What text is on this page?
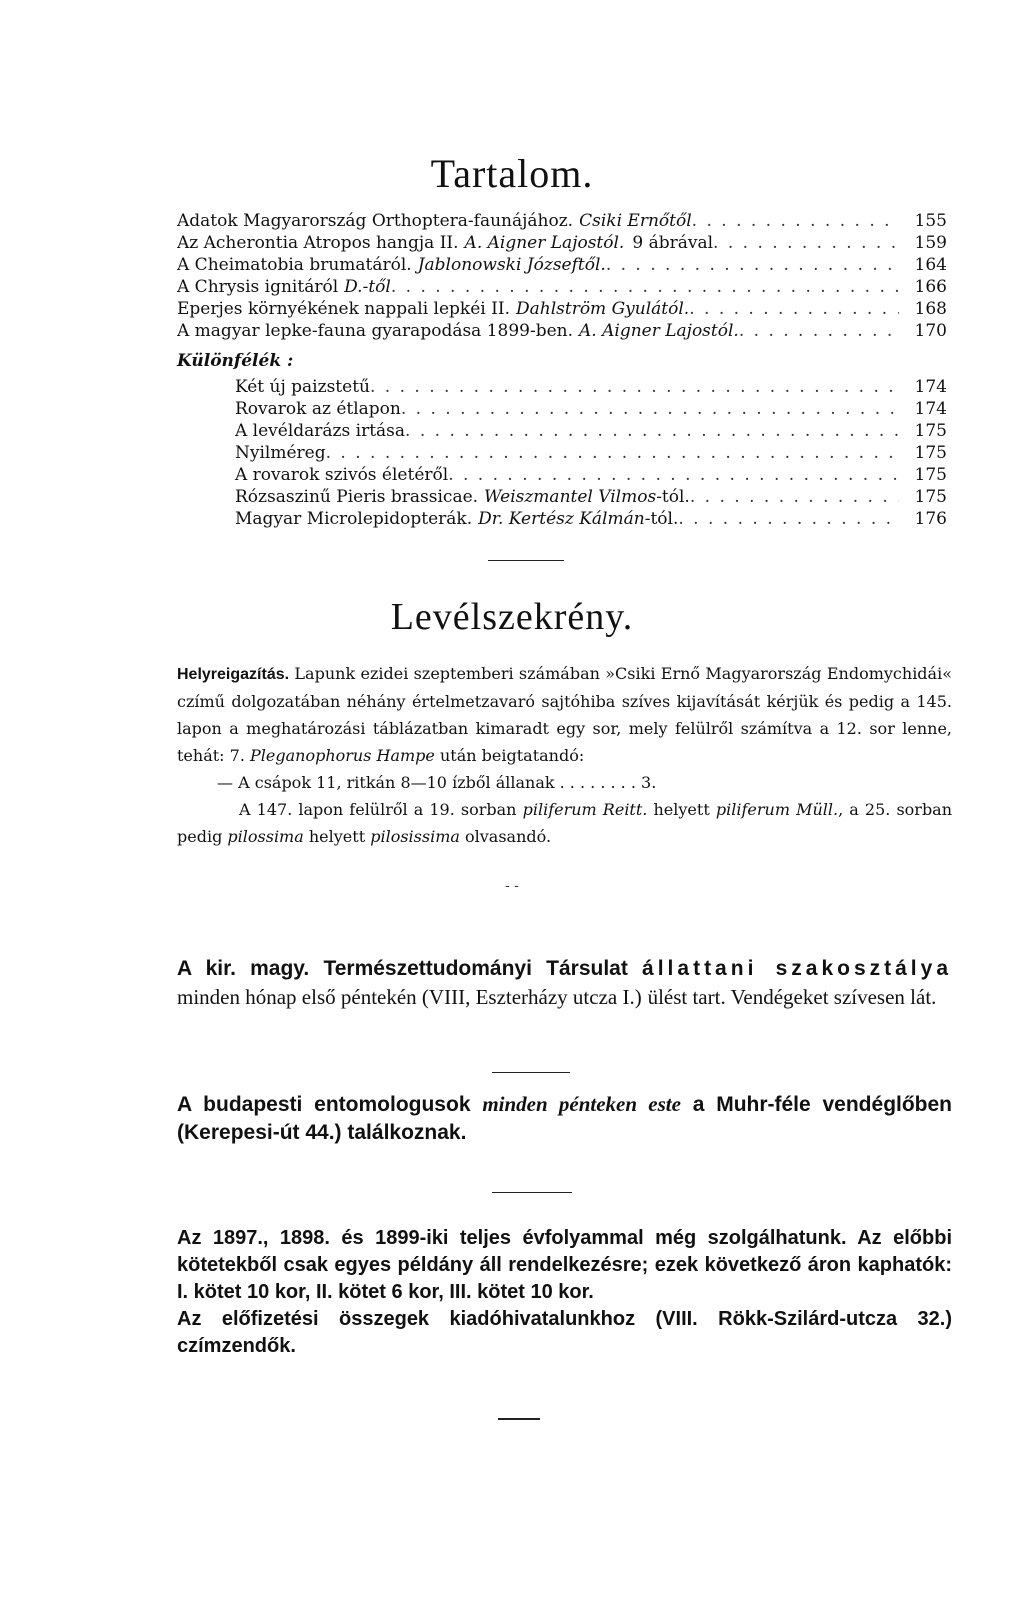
Tartalom.
Adatok Magyarország Orthoptera-faunájához. Csiki Ernőtől . . .	155
Az Acherontia Atropos hangja II. A. Aigner Lajostól. 9 ábrával . . .	159
A Cheimatobia brumatáról. Jablonowski Józseftől. . . .	164
A Chrysis ignitáról D.-től . . .	166
Eperjes környékének nappali lepkéi II. Dahlström Gyulától. . . .	168
A magyar lepke-fauna gyarapodása 1899-ben. A. Aigner Lajostól. . . .	170
Különfélék :
Két új paizstetű . . .	174
Rovarok az étlapon . . .	174
A levéldarázs irtása . . .	175
Nyilméreg . . .	175
A rovarok szivós életéről . . .	175
Rózsaszinű Pieris brassicae. Weiszmantel Vilmos -tól. . . .	175
Magyar Microlepidopterák. Dr. Kertész Kálmán -tól. . . .	176
Levélszekrény.

Helyreigazítás. Lapunk ezidei szeptemberi számában »Csiki Ernő Magyarország Endomychidái« czímű dolgozatában néhány értelmetzavaró sajtóhiba szíves kijavítását kérjük és pedig a 145. lapon a meghatározási táblázatban kimaradt egy sor, mely felülről számítva a 12. sor lenne, tehát: 7. Pleganophorus Hampe után beigtatandó:

— A csápok 11, ritkán 8—10 ízből állanak . . . . . . . . 3.

A 147. lapon felülről a 19. sorban piliferum Reitt. helyett piliferum Müll., a 25. sorban pedig pilossima helyett pilosissima olvasandó.

- -

A kir. magy. Természettudományi Társulat állattani szakosztálya minden hónap első péntekén (VIII, Eszterházy utcza I.) ülést tart. Vendégeket szívesen lát.

A budapesti entomologusok minden pénteken este a Muhr-féle vendéglőben (Kerepesi-út 44.) találkoznak.

Az 1897., 1898. és 1899-iki teljes évfolyammal még szolgálhatunk. Az előbbi kötetekből csak egyes példány áll rendelkezésre; ezek következő áron kaphatók: I. kötet 10 kor, II. kötet 6 kor, III. kötet 10 kor.

Az előfizetési összegek kiadóhivatalunkhoz (VIII. Rökk-Szilárd-utcza 32.) czímzendők.
